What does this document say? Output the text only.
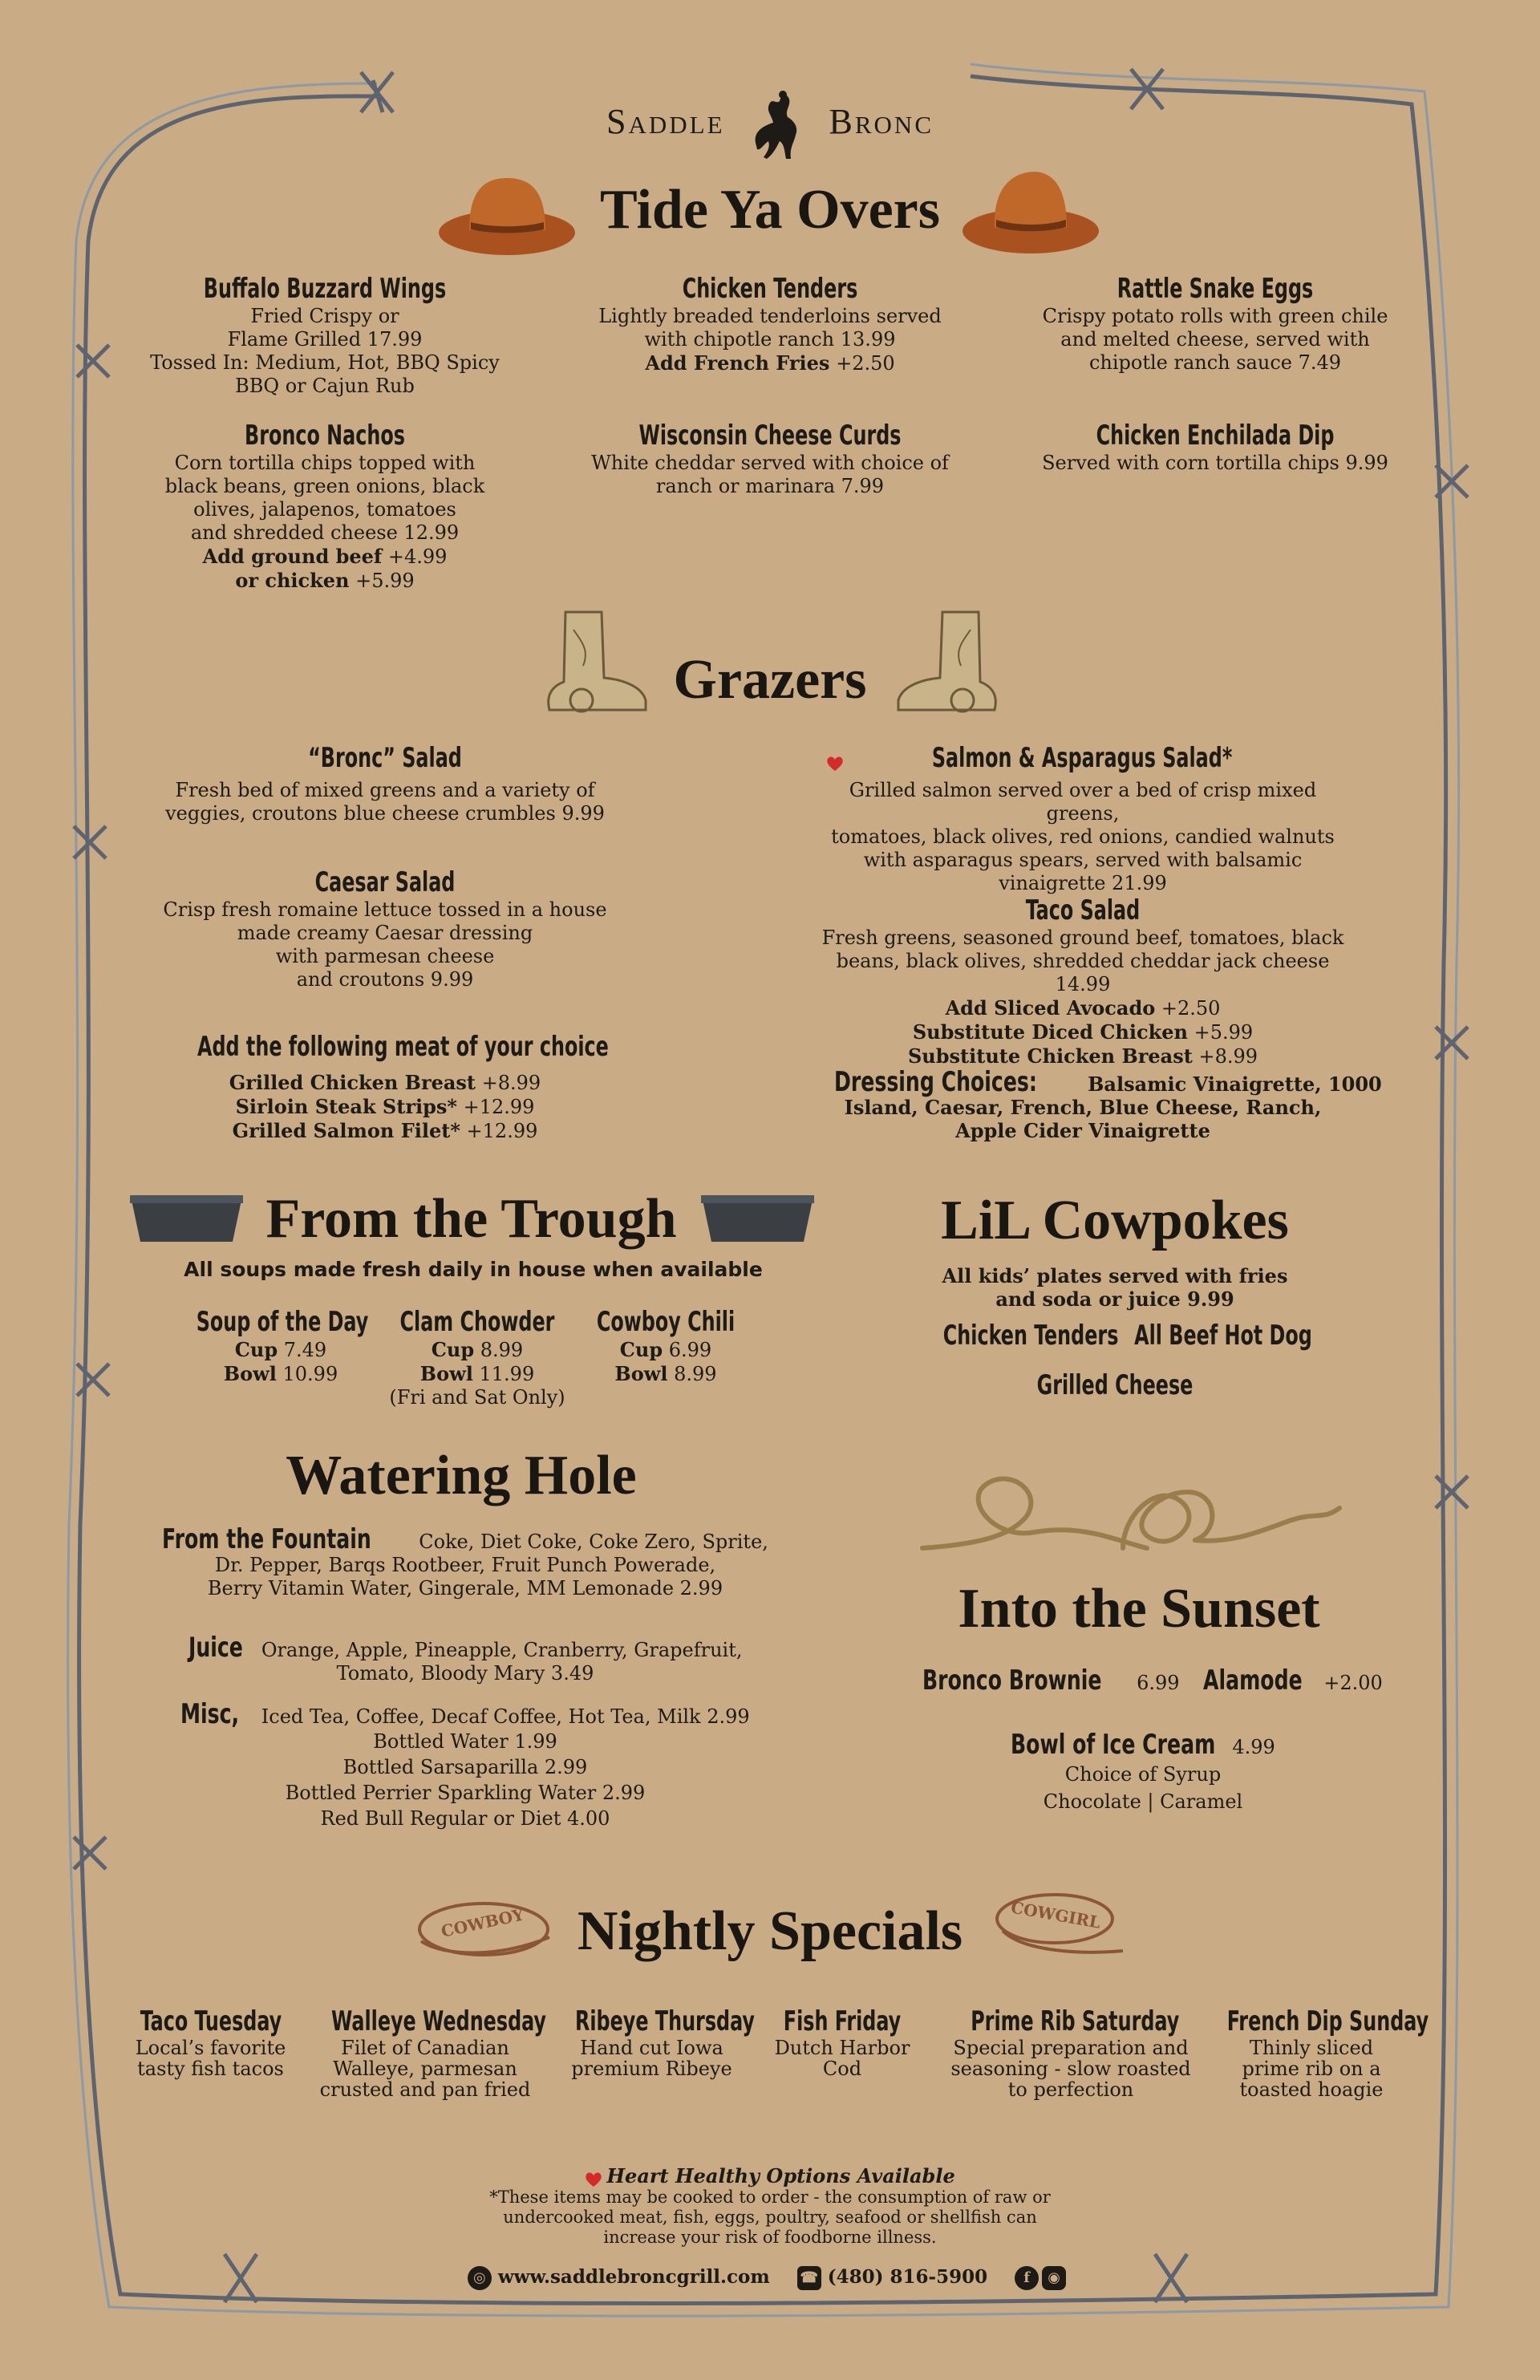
Saddle	Bronc
Tide Ya Overs
Buffalo Buzzard Wings
Fried Crispy or
Flame Grilled 17.99
Tossed In: Medium, Hot, BBQ Spicy
BBQ or Cajun Rub
Chicken Tenders
Lightly breaded tenderloins served
with chipotle ranch 13.99
Add French Fries +2.50
Rattle Snake Eggs
Crispy potato rolls with green chile
and melted cheese, served with
chipotle ranch sauce 7.49
Bronco Nachos
Corn tortilla chips topped with
black beans, green onions, black
olives, jalapenos, tomatoes
and shredded cheese 12.99
Add ground beef +4.99
or chicken +5.99
Wisconsin Cheese Curds
White cheddar served with choice of
ranch or marinara 7.99
Chicken Enchilada Dip
Served with corn tortilla chips 9.99
Grazers
“Bronc” Salad
Fresh bed of mixed greens and a variety of
veggies, croutons blue cheese crumbles 9.99
Caesar Salad
Crisp fresh romaine lettuce tossed in a house
made creamy Caesar dressing
with parmesan cheese
and croutons 9.99
Add the following meat of your choice
Grilled Chicken Breast +8.99
Sirloin Steak Strips* +12.99
Grilled Salmon Filet* +12.99
Salmon & Asparagus Salad*
Grilled salmon served over a bed of crisp mixed greens,
tomatoes, black olives, red onions, candied walnuts
with asparagus spears, served with balsamic
vinaigrette 21.99
Taco Salad
Fresh greens, seasoned ground beef, tomatoes, black
beans, black olives, shredded cheddar jack cheese 14.99
Add Sliced Avocado +2.50
Substitute Diced Chicken +5.99
Substitute Chicken Breast +8.99
Dressing Choices:	Balsamic Vinaigrette, 1000
Island, Caesar, French, Blue Cheese, Ranch,
Apple Cider Vinaigrette
From the Trough
All soups made fresh daily in house when available
Soup of the Day
Cup 7.49
Bowl 10.99
Clam Chowder
Cup 8.99
Bowl 11.99
(Fri and Sat Only)
Cowboy Chili
Cup 6.99
Bowl 8.99
LiL Cowpokes
All kids’ plates served with fries
and soda or juice 9.99
Chicken Tenders All Beef Hot Dog
Grilled Cheese
Watering Hole
From the Fountain Coke, Diet Coke, Coke Zero, Sprite,
Dr. Pepper, Barqs Rootbeer, Fruit Punch Powerade,
Berry Vitamin Water, Gingerale, MM Lemonade 2.99
Juice Orange, Apple, Pineapple, Cranberry, Grapefruit,
Tomato, Bloody Mary 3.49
Misc, Iced Tea, Coffee, Decaf Coffee, Hot Tea, Milk 2.99
Bottled Water 1.99
Bottled Sarsaparilla 2.99
Bottled Perrier Sparkling Water 2.99
Red Bull Regular or Diet 4.00
Into the Sunset
Bronco Brownie 6.99 Alamode +2.00
Bowl of Ice Cream 4.99
Choice of Syrup
Chocolate | Caramel
COWBOY Nightly Specials	COWGIRL
Taco Tuesday
Local’s favorite
tasty fish tacos
Walleye Wednesday
Filet of Canadian
Walleye, parmesan
crusted and pan fried
Ribeye Thursday
Hand cut Iowa
premium Ribeye
Fish Friday
Dutch Harbor
Cod
Prime Rib Saturday
Special preparation and
seasoning - slow roasted
to perfection
French Dip Sunday
Thinly sliced
prime rib on a
toasted hoagie
Heart Healthy Options Available
*These items may be cooked to order - the consumption of raw or
undercooked meat, fish, eggs, poultry, seafood or shellfish can
increase your risk of foodborne illness.
◎ www.saddlebroncgrill.com ☎ (480) 816-5900	f ◉
